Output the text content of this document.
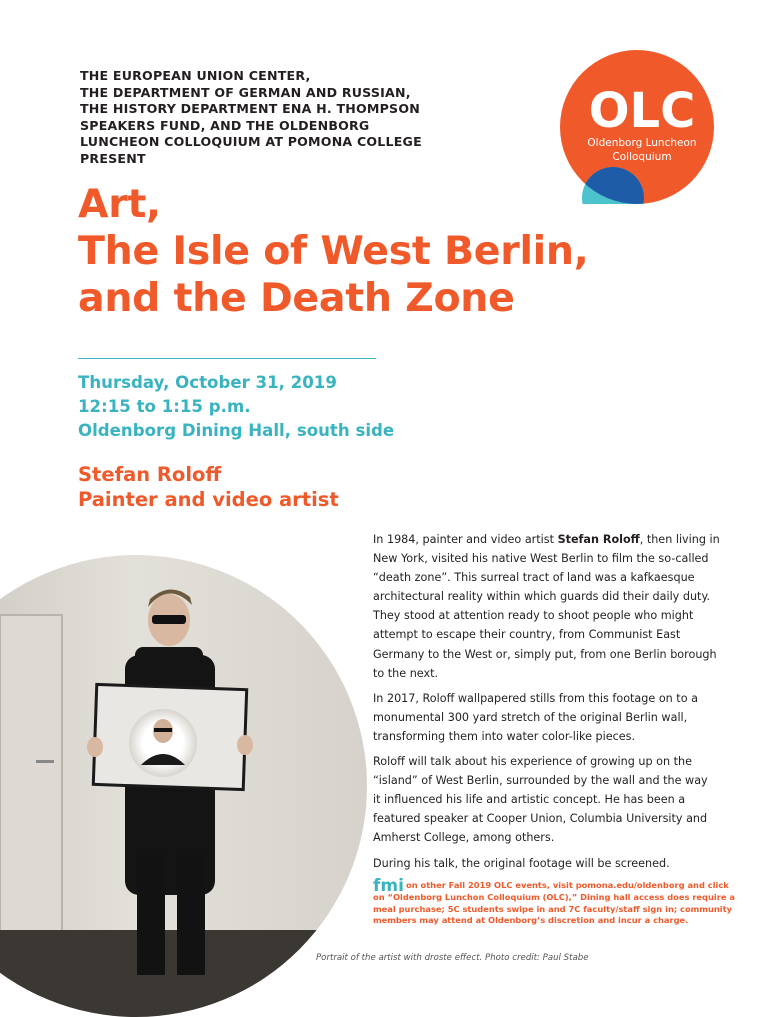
THE EUROPEAN UNION CENTER,
THE DEPARTMENT OF GERMAN AND RUSSIAN,
THE HISTORY DEPARTMENT ENA H. THOMPSON
SPEAKERS FUND, AND THE OLDENBORG
LUNCHEON COLLOQUIUM AT POMONA COLLEGE
PRESENT
OLC
Oldenborg Luncheon
Colloquium
Art,
The Isle of West Berlin,
and the Death Zone
Thursday, October 31, 2019
12:15 to 1:15 p.m.
Oldenborg Dining Hall, south side
Stefan Roloff
Painter and video artist
Portrait of the artist with droste effect. Photo credit: Paul Stabe

In 1984, painter and video artist Stefan Roloff, then living in
New York, visited his native West Berlin to film the so-called
“death zone”. This surreal tract of land was a kafkaesque
architectural reality within which guards did their daily duty.
They stood at attention ready to shoot people who might
attempt to escape their country, from Communist East
Germany to the West or, simply put, from one Berlin borough
to the next.

In 2017, Roloff wallpapered stills from this footage on to a
monumental 300 yard stretch of the original Berlin wall,
transforming them into water color-like pieces.

Roloff will talk about his experience of growing up on the
“island” of West Berlin, surrounded by the wall and the way
it influenced his life and artistic concept. He has been a
featured speaker at Cooper Union, Columbia University and
Amherst College, among others.

During his talk, the original footage will be screened.

fmi on other Fall 2019 OLC events, visit pomona.edu/oldenborg and click
on “Oldenborg Lunchon Colloquium (OLC),” Dining hall access does require a
meal purchase; 5C students swipe in and 7C faculty/staff sign in; community
members may attend at Oldenborg’s discretion and incur a charge.
